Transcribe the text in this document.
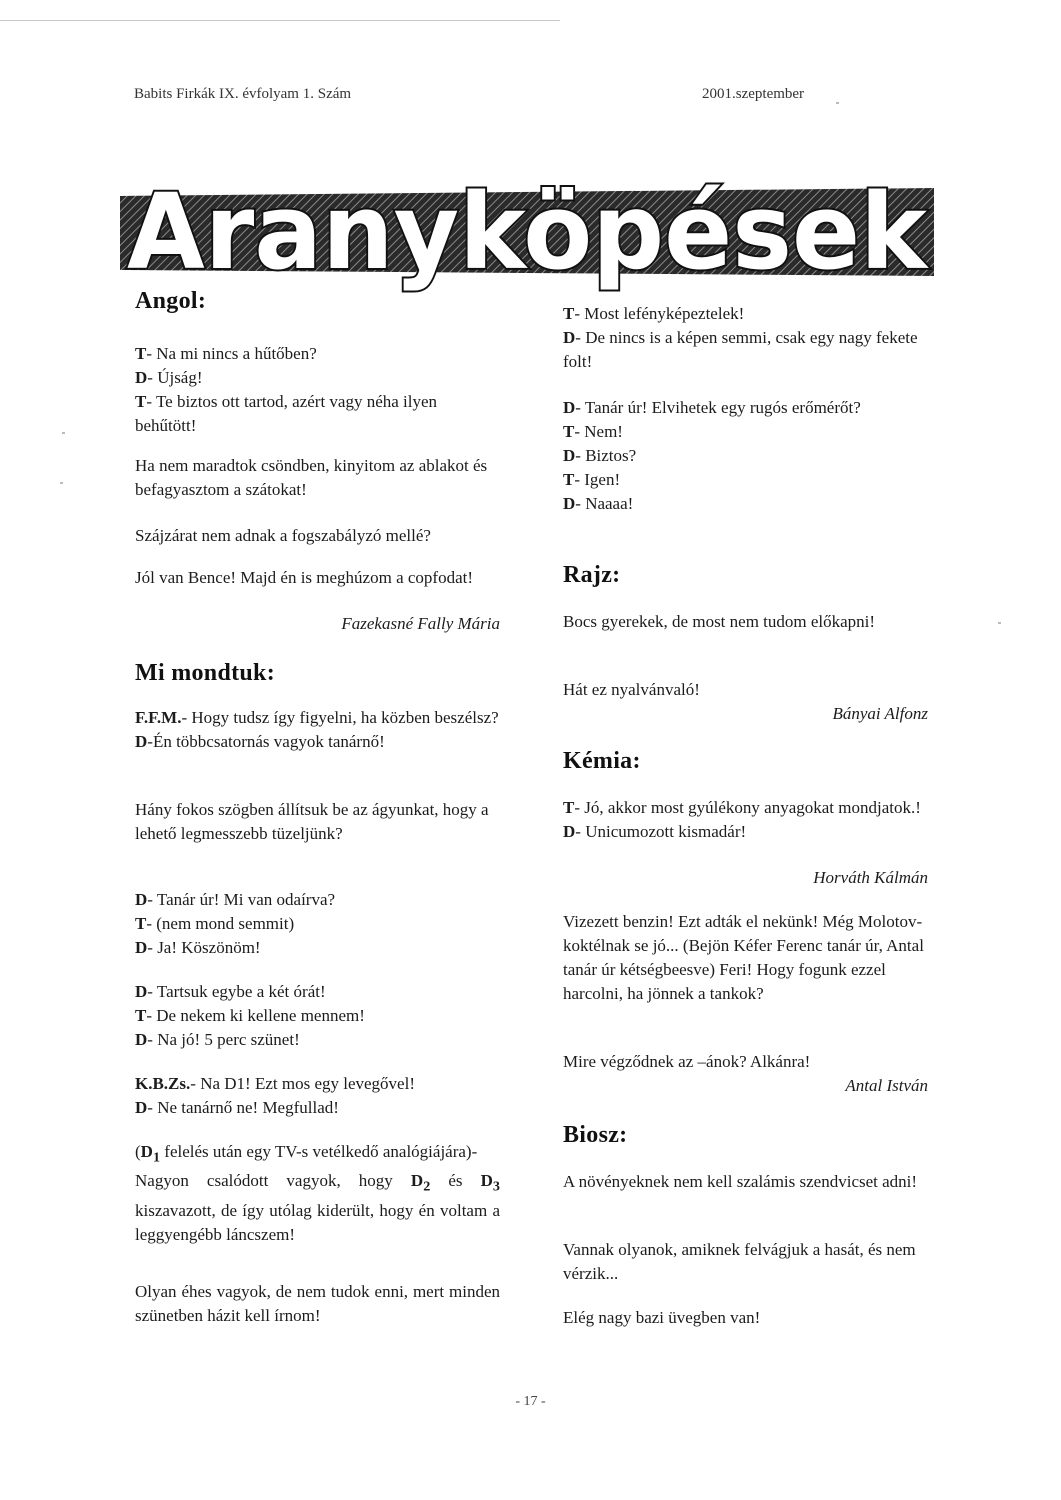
Babits Firkák IX. évfolyam 1. Szám	2001.szeptember
Aranyköpések
Angol:

T- Na mi nincs a hűtőben?

D- Újság!

T- Te biztos ott tartod, azért vagy néha ilyen behűtött!

Ha nem maradtok csöndben, kinyitom az ablakot és befagyasztom a szátokat!

Szájzárat nem adnak a fogszabályzó mellé?

Jól van Bence! Majd én is meghúzom a copfodat!

Fazekasné Fally Mária

Mi mondtuk:

F.F.M.- Hogy tudsz így figyelni, ha közben beszélsz?

D-Én többcsatornás vagyok tanárnő!

Hány fokos szögben állítsuk be az ágyunkat, hogy a lehető legmesszebb tüzeljünk?

D- Tanár úr! Mi van odaírva?

T- (nem mond semmit)

D- Ja! Köszönöm!

D- Tartsuk egybe a két órát!

T- De nekem ki kellene mennem!

D- Na jó! 5 perc szünet!

K.B.Zs.- Na D1! Ezt mos egy levegővel!

D- Ne tanárnő ne! Megfullad!

($D_1$ felelés után egy TV-s vetélkedő analógiájára)-

Nagyon csalódott vagyok, hogy $D_2$ és $D_3$ kiszavazott, de így utólag kiderült, hogy én voltam a leggyengébb láncszem!

Olyan éhes vagyok, de nem tudok enni, mert minden szünetben házit kell írnom!

T- Most lefényképeztelek!

D- De nincs is a képen semmi, csak egy nagy fekete folt!

D- Tanár úr! Elvihetek egy rugós erőmérőt?

T- Nem!

D- Biztos?

T- Igen!

D- Naaaa!

Rajz:

Bocs gyerekek, de most nem tudom előkapni!

Hát ez nyalvánvaló!

Bányai Alfonz

Kémia:

T- Jó, akkor most gyúlékony anyagokat mondjatok.!

D- Unicumozott kismadár!

Horváth Kálmán

Vizezett benzin! Ezt adták el nekünk! Még Molotov-koktélnak se jó... (Bejön Kéfer Ferenc tanár úr, Antal tanár úr kétségbeesve) Feri! Hogy fogunk ezzel harcolni, ha jönnek a tankok?

Mire végződnek az –ánok? Alkánra!

Antal István

Biosz:

A növényeknek nem kell szalámis szendvicset adni!

Vannak olyanok, amiknek felvágjuk a hasát, és nem vérzik...

Elég nagy bazi üvegben van!

- 17 -
